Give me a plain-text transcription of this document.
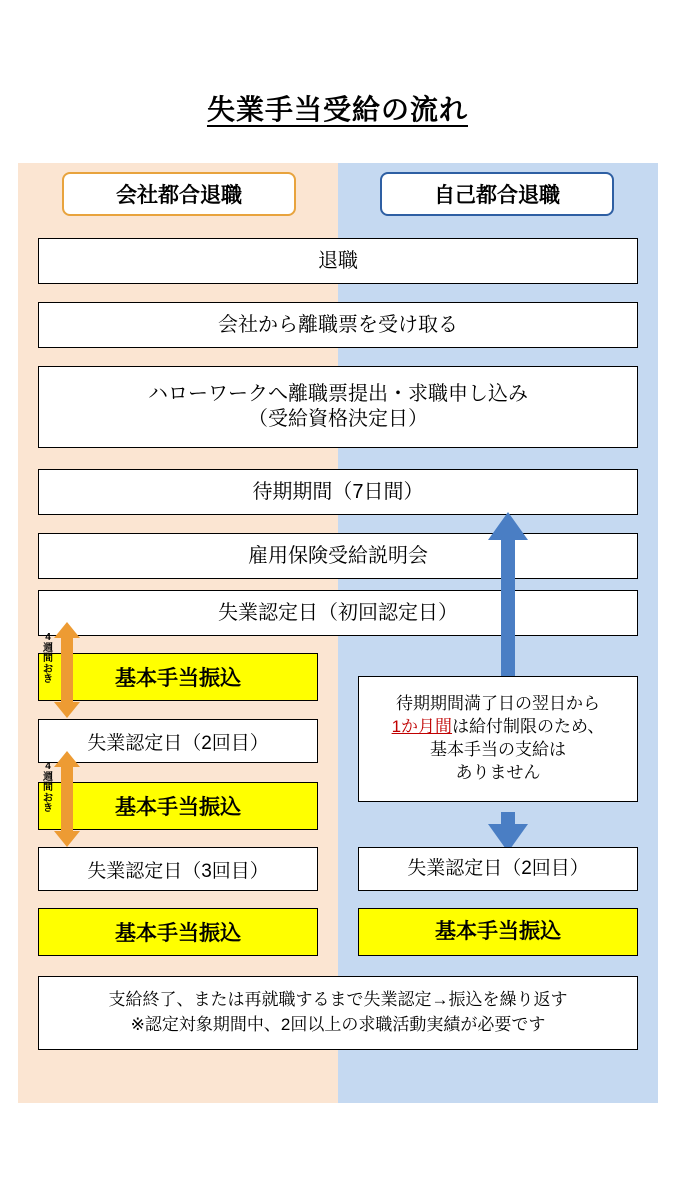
失業手当受給の流れ
会社都合退職	自己都合退職
退職
会社から離職票を受け取る
ハローワークへ離職票提出・求職申し込み
（受給資格決定日）
待期期間（7日間）
雇用保険受給説明会
失業認定日（初回認定日）
基本手当振込
失業認定日（2回目）
基本手当振込
失業認定日（3回目）
基本手当振込
4
週
間
お
き
4
週
間
お
き
待期期間満了日の翌日から
1か月間は給付制限のため、
基本手当の支給は
ありません
失業認定日（2回目）
基本手当振込
支給終了、または再就職するまで失業認定→振込を繰り返す
※認定対象期間中、2回以上の求職活動実績が必要です
